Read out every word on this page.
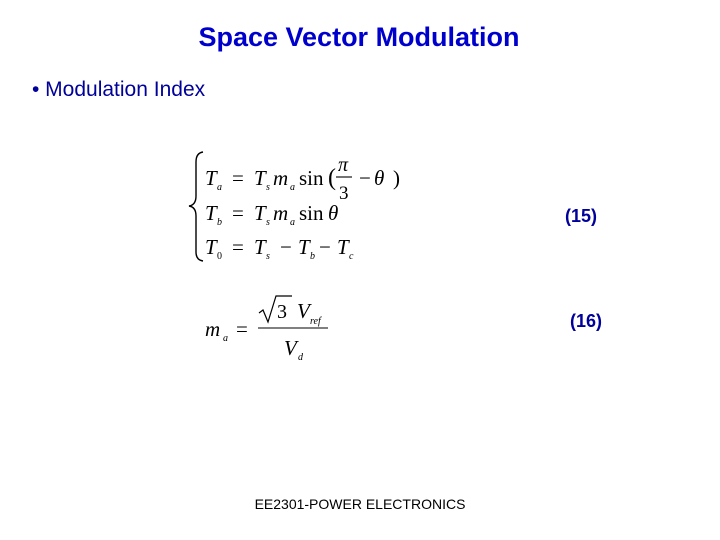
Space Vector Modulation
• Modulation Index
T a = T s m a sin ( π
3
− θ )
T b = T s m a sin θ
T 0 = T s − T b − T c
m a =
3 V ref
V d
(15)
(16)
EE2301-POWER ELECTRONICS
